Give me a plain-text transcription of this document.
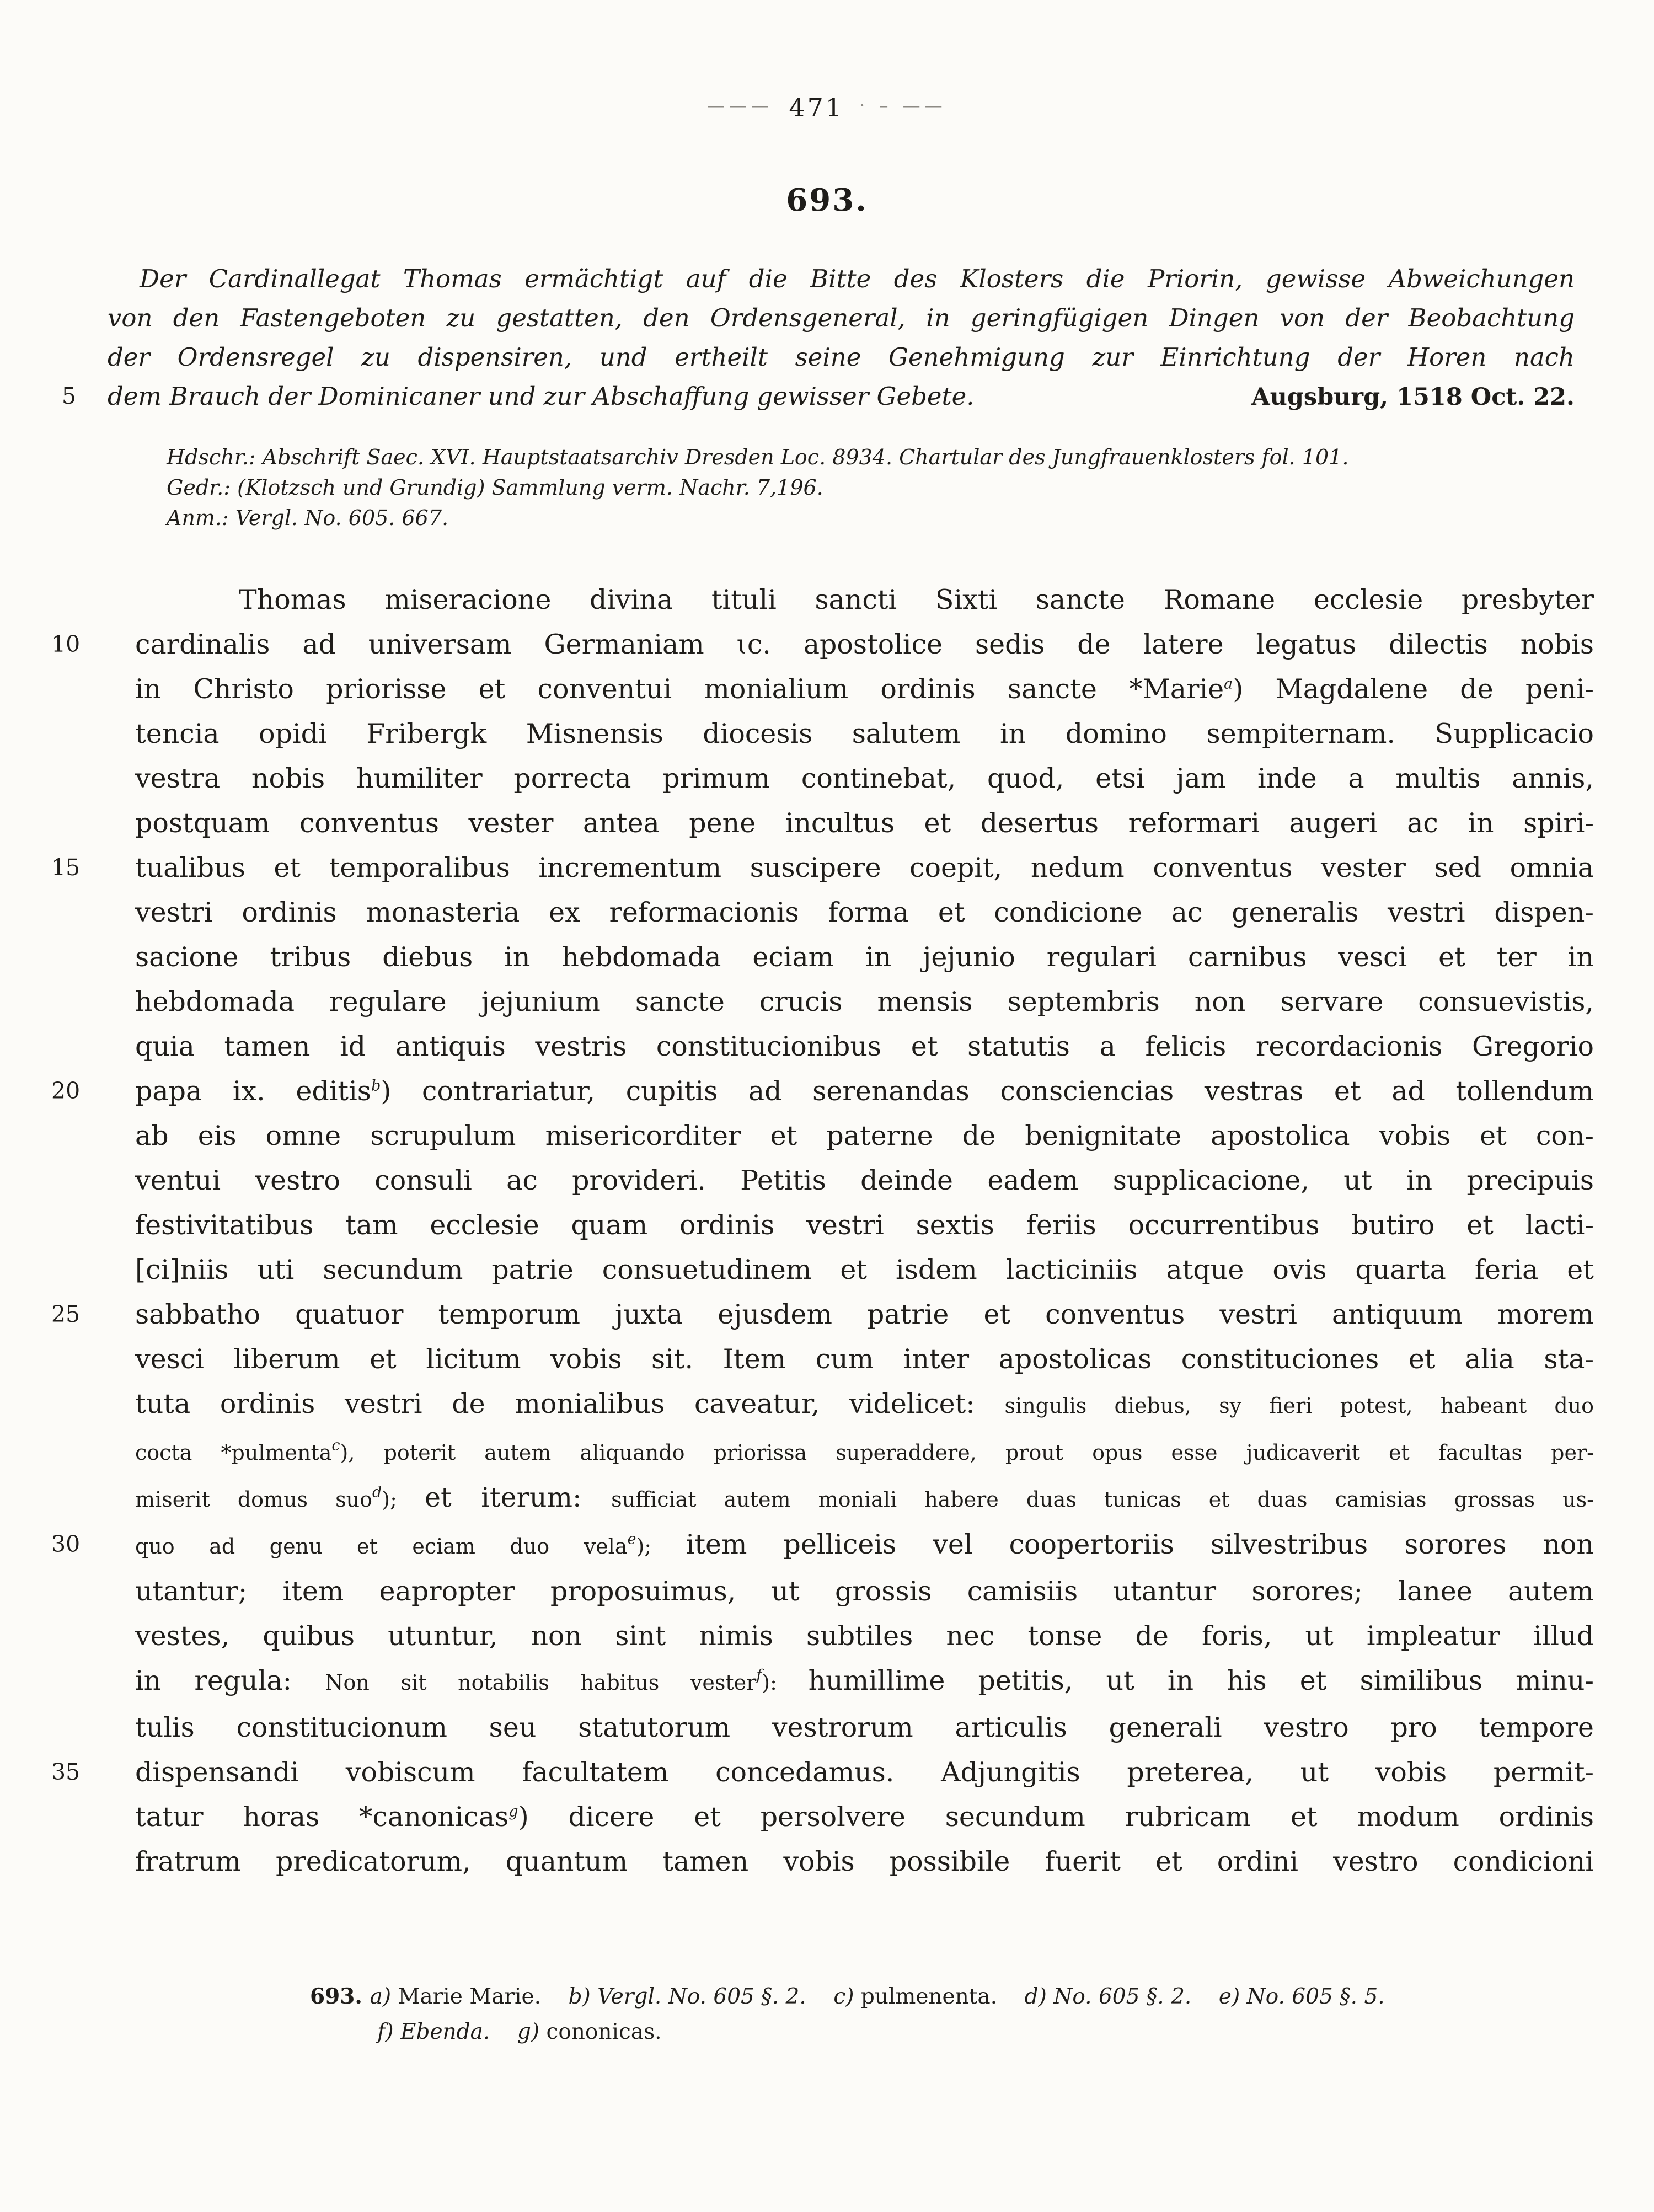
——— 471 · – ——
693.
Der Cardinallegat Thomas ermächtigt auf die Bitte des Klosters die Priorin, gewisse Abweichungen
von den Fastengeboten zu gestatten, den Ordensgeneral, in geringfügigen Dingen von der Beobachtung
der Ordensregel zu dispensiren, und ertheilt seine Genehmigung zur Einrichtung der Horen nach
5 dem Brauch der Dominicaner und zur Abschaffung gewisser Gebete.	Augsburg, 1518 Oct. 22.
Hdschr.: Abschrift Saec. XVI. Hauptstaatsarchiv Dresden Loc. 8934. Chartular des Jungfrauenklosters fol. 101.
Gedr.: (Klotzsch und Grundig) Sammlung verm. Nachr. 7,196.
Anm.: Vergl. No. 605. 667.
Thomas miseracione divina tituli sancti Sixti sancte Romane ecclesie presbyter
10	cardinalis ad universam Germaniam ɩc. apostolice sedis de latere legatus dilectis nobis
in Christo priorisse et conventui monialium ordinis sancte *Marie$^a$) Magdalene de peni-
tencia opidi Fribergk Misnensis diocesis salutem in domino sempiternam. Supplicacio
vestra nobis humiliter porrecta primum continebat, quod, etsi jam inde a multis annis,
postquam conventus vester antea pene incultus et desertus reformari augeri ac in spiri-
15	tualibus et temporalibus incrementum suscipere coepit, nedum conventus vester sed omnia
vestri ordinis monasteria ex reformacionis forma et condicione ac generalis vestri dispen-
sacione tribus diebus in hebdomada eciam in jejunio regulari carnibus vesci et ter in
hebdomada regulare jejunium sancte crucis mensis septembris non servare consuevistis,
quia tamen id antiquis vestris constitucionibus et statutis a felicis recordacionis Gregorio
20	papa ix. editis$^b$) contrariatur, cupitis ad serenandas consciencias vestras et ad tollendum
ab eis omne scrupulum misericorditer et paterne de benignitate apostolica vobis et con-
ventui vestro consuli ac provideri. Petitis deinde eadem supplicacione, ut in precipuis
festivitatibus tam ecclesie quam ordinis vestri sextis feriis occurrentibus butiro et lacti-
[ci]niis uti secundum patrie consuetudinem et isdem lacticiniis atque ovis quarta feria et
25	sabbatho quatuor temporum juxta ejusdem patrie et conventus vestri antiquum morem
vesci liberum et licitum vobis sit. Item cum inter apostolicas constituciones et alia sta-
tuta ordinis vestri de monialibus caveatur, videlicet: singulis diebus, sy fieri potest, habeant duo
cocta *pulmenta$^c$), poterit autem aliquando priorissa superaddere, prout opus esse judicaverit et facultas per-
miserit domus suo$^d$); et iterum: sufficiat autem moniali habere duas tunicas et duas camisias grossas us-
30	quo ad genu et eciam duo vela$^e$); item pelliceis vel coopertoriis silvestribus sorores non
utantur; item eapropter proposuimus, ut grossis camisiis utantur sorores; lanee autem
vestes, quibus utuntur, non sint nimis subtiles nec tonse de foris, ut impleatur illud
in regula: Non sit notabilis habitus vester$^f$): humillime petitis, ut in his et similibus minu-
tulis constitucionum seu statutorum vestrorum articulis generali vestro pro tempore
35	dispensandi vobiscum facultatem concedamus. Adjungitis preterea, ut vobis permit-
tatur horas *canonicas$^g$) dicere et persolvere secundum rubricam et modum ordinis
fratrum predicatorum, quantum tamen vobis possibile fuerit et ordini vestro condicioni
693. a) Marie Marie.    b) Vergl. No. 605 §. 2. c) pulmenenta.    d) No. 605 §. 2. e) No. 605 §. 5.
f) Ebenda.    g) cononicas.
